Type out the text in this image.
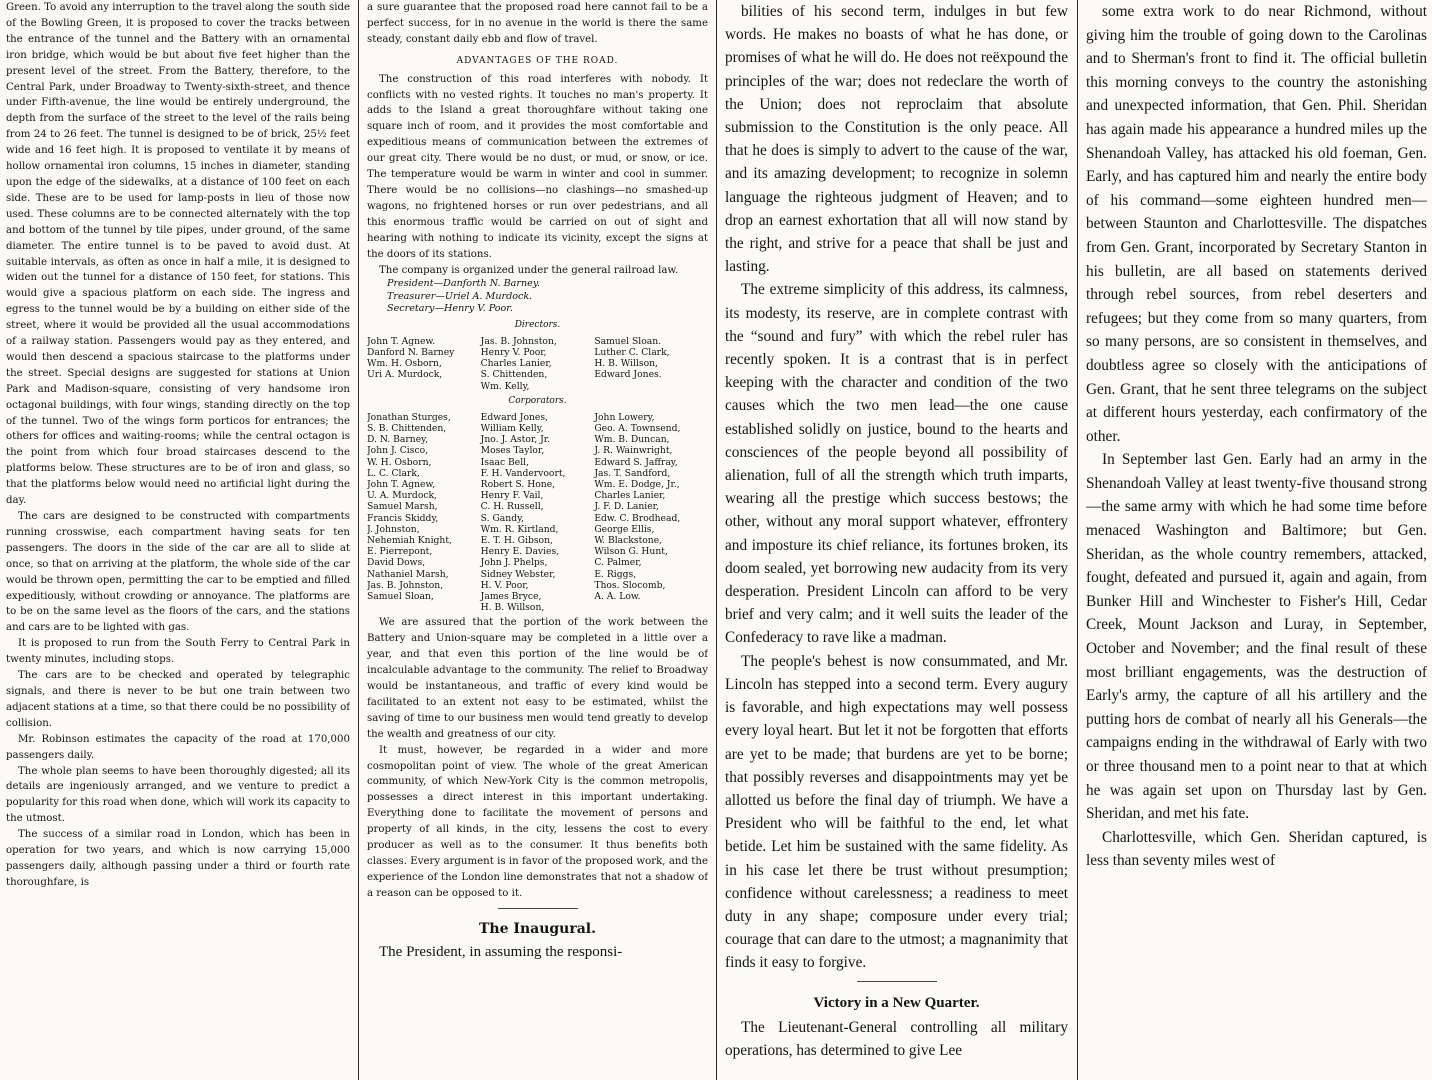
Green. To avoid any interruption to the travel along the south side of the Bowling Green, it is proposed to cover the tracks between the entrance of the tunnel and the Battery with an ornamental iron bridge, which would be but about five feet higher than the present level of the street. From the Battery, therefore, to the Central Park, under Broadway to Twenty-sixth-street, and thence under Fifth-avenue, the line would be entirely underground, the depth from the surface of the street to the level of the rails being from 24 to 26 feet. The tunnel is designed to be of brick, 25½ feet wide and 16 feet high. It is proposed to ventilate it by means of hollow ornamental iron columns, 15 inches in diameter, standing upon the edge of the sidewalks, at a distance of 100 feet on each side. These are to be used for lamp-posts in lieu of those now used. These columns are to be connected alternately with the top and bottom of the tunnel by tile pipes, under ground, of the same diameter. The entire tunnel is to be paved to avoid dust. At suitable intervals, as often as once in half a mile, it is designed to widen out the tunnel for a distance of 150 feet, for stations. This would give a spacious platform on each side. The ingress and egress to the tunnel would be by a building on either side of the street, where it would be provided all the usual accommodations of a railway station. Passengers would pay as they entered, and would then descend a spacious staircase to the platforms under the street. Special designs are suggested for stations at Union Park and Madison-square, consisting of very handsome iron octagonal buildings, with four wings, standing directly on the top of the tunnel. Two of the wings form porticos for entrances; the others for offices and waiting-rooms; while the central octagon is the point from which four broad staircases descend to the platforms below. These structures are to be of iron and glass, so that the platforms below would need no artificial light during the day.

The cars are designed to be constructed with compartments running crosswise, each compartment having seats for ten passengers. The doors in the side of the car are all to slide at once, so that on arriving at the platform, the whole side of the car would be thrown open, permitting the car to be emptied and filled expeditiously, without crowding or annoyance. The platforms are to be on the same level as the floors of the cars, and the stations and cars are to be lighted with gas.

It is proposed to run from the South Ferry to Central Park in twenty minutes, including stops.

The cars are to be checked and operated by telegraphic signals, and there is never to be but one train between two adjacent stations at a time, so that there could be no possibility of collision.

Mr. Robinson estimates the capacity of the road at 170,000 passengers daily.

The whole plan seems to have been thoroughly digested; all its details are ingeniously arranged, and we venture to predict a popularity for this road when done, which will work its capacity to the utmost.

The success of a similar road in London, which has been in operation for two years, and which is now carrying 15,000 passengers daily, although passing under a third or fourth rate thoroughfare, is

a sure guarantee that the proposed road here cannot fail to be a perfect success, for in no avenue in the world is there the same steady, constant daily ebb and flow of travel.

ADVANTAGES OF THE ROAD.

The construction of this road interferes with nobody. It conflicts with no vested rights. It touches no man's property. It adds to the Island a great thoroughfare without taking one square inch of room, and it provides the most comfortable and expeditious means of communication between the extremes of our great city. There would be no dust, or mud, or snow, or ice. The temperature would be warm in winter and cool in summer. There would be no collisions—no clashings—no smashed-up wagons, no frightened horses or run over pedestrians, and all this enormous traffic would be carried on out of sight and hearing with nothing to indicate its vicinity, except the signs at the doors of its stations.

The company is organized under the general railroad law.

President—Danforth N. Barney.

Treasurer—Uriel A. Murdock.

Secretary—Henry V. Poor.

Directors.
John T. Agnew.	Jas. B. Johnston,	Samuel Sloan.
Danford N. Barney	Henry V. Poor,	Luther C. Clark,
Wm. H. Osborn,	Charles Lanier,	H. B. Willson,
Uri A. Murdock,	S. Chittenden,	Edward Jones.
	Wm. Kelly,	
Corporators.
Jonathan Sturges,	Edward Jones,	John Lowery,
S. B. Chittenden,	William Kelly,	Geo. A. Townsend,
D. N. Barney,	Jno. J. Astor, Jr.	Wm. B. Duncan,
John J. Cisco,	Moses Taylor,	J. R. Wainwright,
W. H. Osborn,	Isaac Bell,	Edward S. Jaffray,
L. C. Clark,	F. H. Vandervoort,	Jas. T. Sandford,
John T. Agnew,	Robert S. Hone,	Wm. E. Dodge, Jr.,
U. A. Murdock,	Henry F. Vail,	Charles Lanier,
Samuel Marsh,	C. H. Russell,	J. F. D. Lanier,
Francis Skiddy,	S. Gandy,	Edw. C. Brodhead,
J. Johnston,	Wm. R. Kirtland,	George Ellis,
Nehemiah Knight,	E. T. H. Gibson,	W. Blackstone,
E. Pierrepont,	Henry E. Davies,	Wilson G. Hunt,
David Dows,	John J. Phelps,	C. Palmer,
Nathaniel Marsh,	Sidney Webster,	E. Riggs,
Jas. B. Johnston,	H. V. Poor,	Thos. Slocomb,
Samuel Sloan,	James Bryce,	A. A. Low.
	H. B. Willson,	

We are assured that the portion of the work between the Battery and Union-square may be completed in a little over a year, and that even this portion of the line would be of incalculable advantage to the community. The relief to Broadway would be instantaneous, and traffic of every kind would be facilitated to an extent not easy to be estimated, whilst the saving of time to our business men would tend greatly to develop the wealth and greatness of our city.

It must, however, be regarded in a wider and more cosmopolitan point of view. The whole of the great American community, of which New-York City is the common metropolis, possesses a direct interest in this important undertaking. Everything done to facilitate the movement of persons and property of all kinds, in the city, lessens the cost to every producer as well as to the consumer. It thus benefits both classes. Every argument is in favor of the proposed work, and the experience of the London line demonstrates that not a shadow of a reason can be opposed to it.

The Inaugural.

The President, in assuming the responsi-

bilities of his second term, indulges in but few words. He makes no boasts of what he has done, or promises of what he will do. He does not reëxpound the principles of the war; does not redeclare the worth of the Union; does not reproclaim that absolute submission to the Constitution is the only peace. All that he does is simply to advert to the cause of the war, and its amazing development; to recognize in solemn language the righteous judgment of Heaven; and to drop an earnest exhortation that all will now stand by the right, and strive for a peace that shall be just and lasting.

The extreme simplicity of this address, its calmness, its modesty, its reserve, are in complete contrast with the “sound and fury” with which the rebel ruler has recently spoken. It is a contrast that is in perfect keeping with the character and condition of the two causes which the two men lead—the one cause established solidly on justice, bound to the hearts and consciences of the people beyond all possibility of alienation, full of all the strength which truth imparts, wearing all the prestige which success bestows; the other, without any moral support whatever, effrontery and imposture its chief reliance, its fortunes broken, its doom sealed, yet borrowing new audacity from its very desperation. President Lincoln can afford to be very brief and very calm; and it well suits the leader of the Confederacy to rave like a madman.

The people's behest is now consummated, and Mr. Lincoln has stepped into a second term. Every augury is favorable, and high expectations may well possess every loyal heart. But let it not be forgotten that efforts are yet to be made; that burdens are yet to be borne; that possibly reverses and disappointments may yet be allotted us before the final day of triumph. We have a President who will be faithful to the end, let what betide. Let him be sustained with the same fidelity. As in his case let there be trust without presumption; confidence without carelessness; a readiness to meet duty in any shape; composure under every trial; courage that can dare to the utmost; a magnanimity that finds it easy to forgive.

Victory in a New Quarter.

The Lieutenant-General controlling all military operations, has determined to give Lee

some extra work to do near Richmond, without giving him the trouble of going down to the Carolinas and to Sherman's front to find it. The official bulletin this morning conveys to the country the astonishing and unexpected information, that Gen. Phil. Sheridan has again made his appearance a hundred miles up the Shenandoah Valley, has attacked his old foeman, Gen. Early, and has captured him and nearly the entire body of his command—some eighteen hundred men—between Staunton and Charlottesville. The dispatches from Gen. Grant, incorporated by Secretary Stanton in his bulletin, are all based on statements derived through rebel sources, from rebel deserters and refugees; but they come from so many quarters, from so many persons, are so consistent in themselves, and doubtless agree so closely with the anticipations of Gen. Grant, that he sent three telegrams on the subject at different hours yesterday, each confirmatory of the other.

In September last Gen. Early had an army in the Shenandoah Valley at least twenty-five thousand strong—the same army with which he had some time before menaced Washington and Baltimore; but Gen. Sheridan, as the whole country remembers, attacked, fought, defeated and pursued it, again and again, from Bunker Hill and Winchester to Fisher's Hill, Cedar Creek, Mount Jackson and Luray, in September, October and November; and the final result of these most brilliant engagements, was the destruction of Early's army, the capture of all his artillery and the putting hors de combat of nearly all his Generals—the campaigns ending in the withdrawal of Early with two or three thousand men to a point near to that at which he was again set upon on Thursday last by Gen. Sheridan, and met his fate.

Charlottesville, which Gen. Sheridan captured, is less than seventy miles west of
